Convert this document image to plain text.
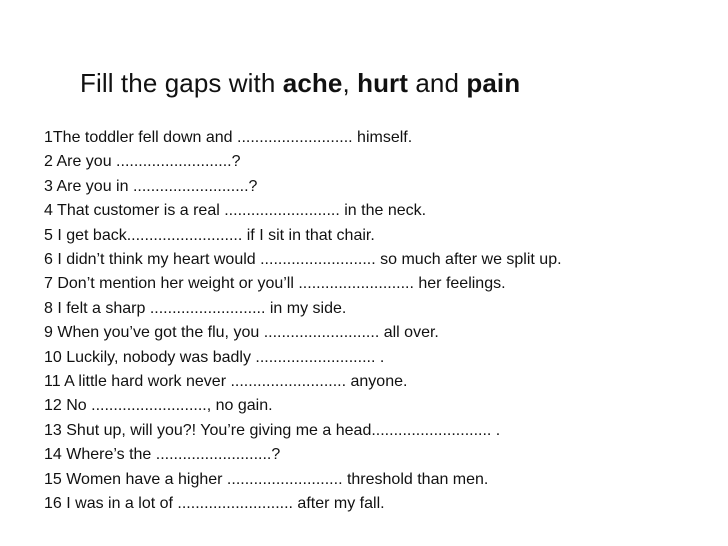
Fill the gaps with ache, hurt and pain
1The toddler fell down and .......................... himself.
2 Are you ..........................?
3 Are you in ..........................?
4 That customer is a real .......................... in the neck.
5 I get back.......................... if I sit in that chair.
6 I didn’t think my heart would .......................... so much after we split up.
7 Don’t mention her weight or you’ll .......................... her feelings.
8 I felt a sharp .......................... in my side.
9 When you’ve got the flu, you .......................... all over.
10 Luckily, nobody was badly ........................... .
11 A little hard work never .......................... anyone.
12 No .........................., no gain.
13 Shut up, will you?! You’re giving me a head........................... .
14 Where’s the ..........................?
15 Women have a higher .......................... threshold than men.
16 I was in a lot of .......................... after my fall.
